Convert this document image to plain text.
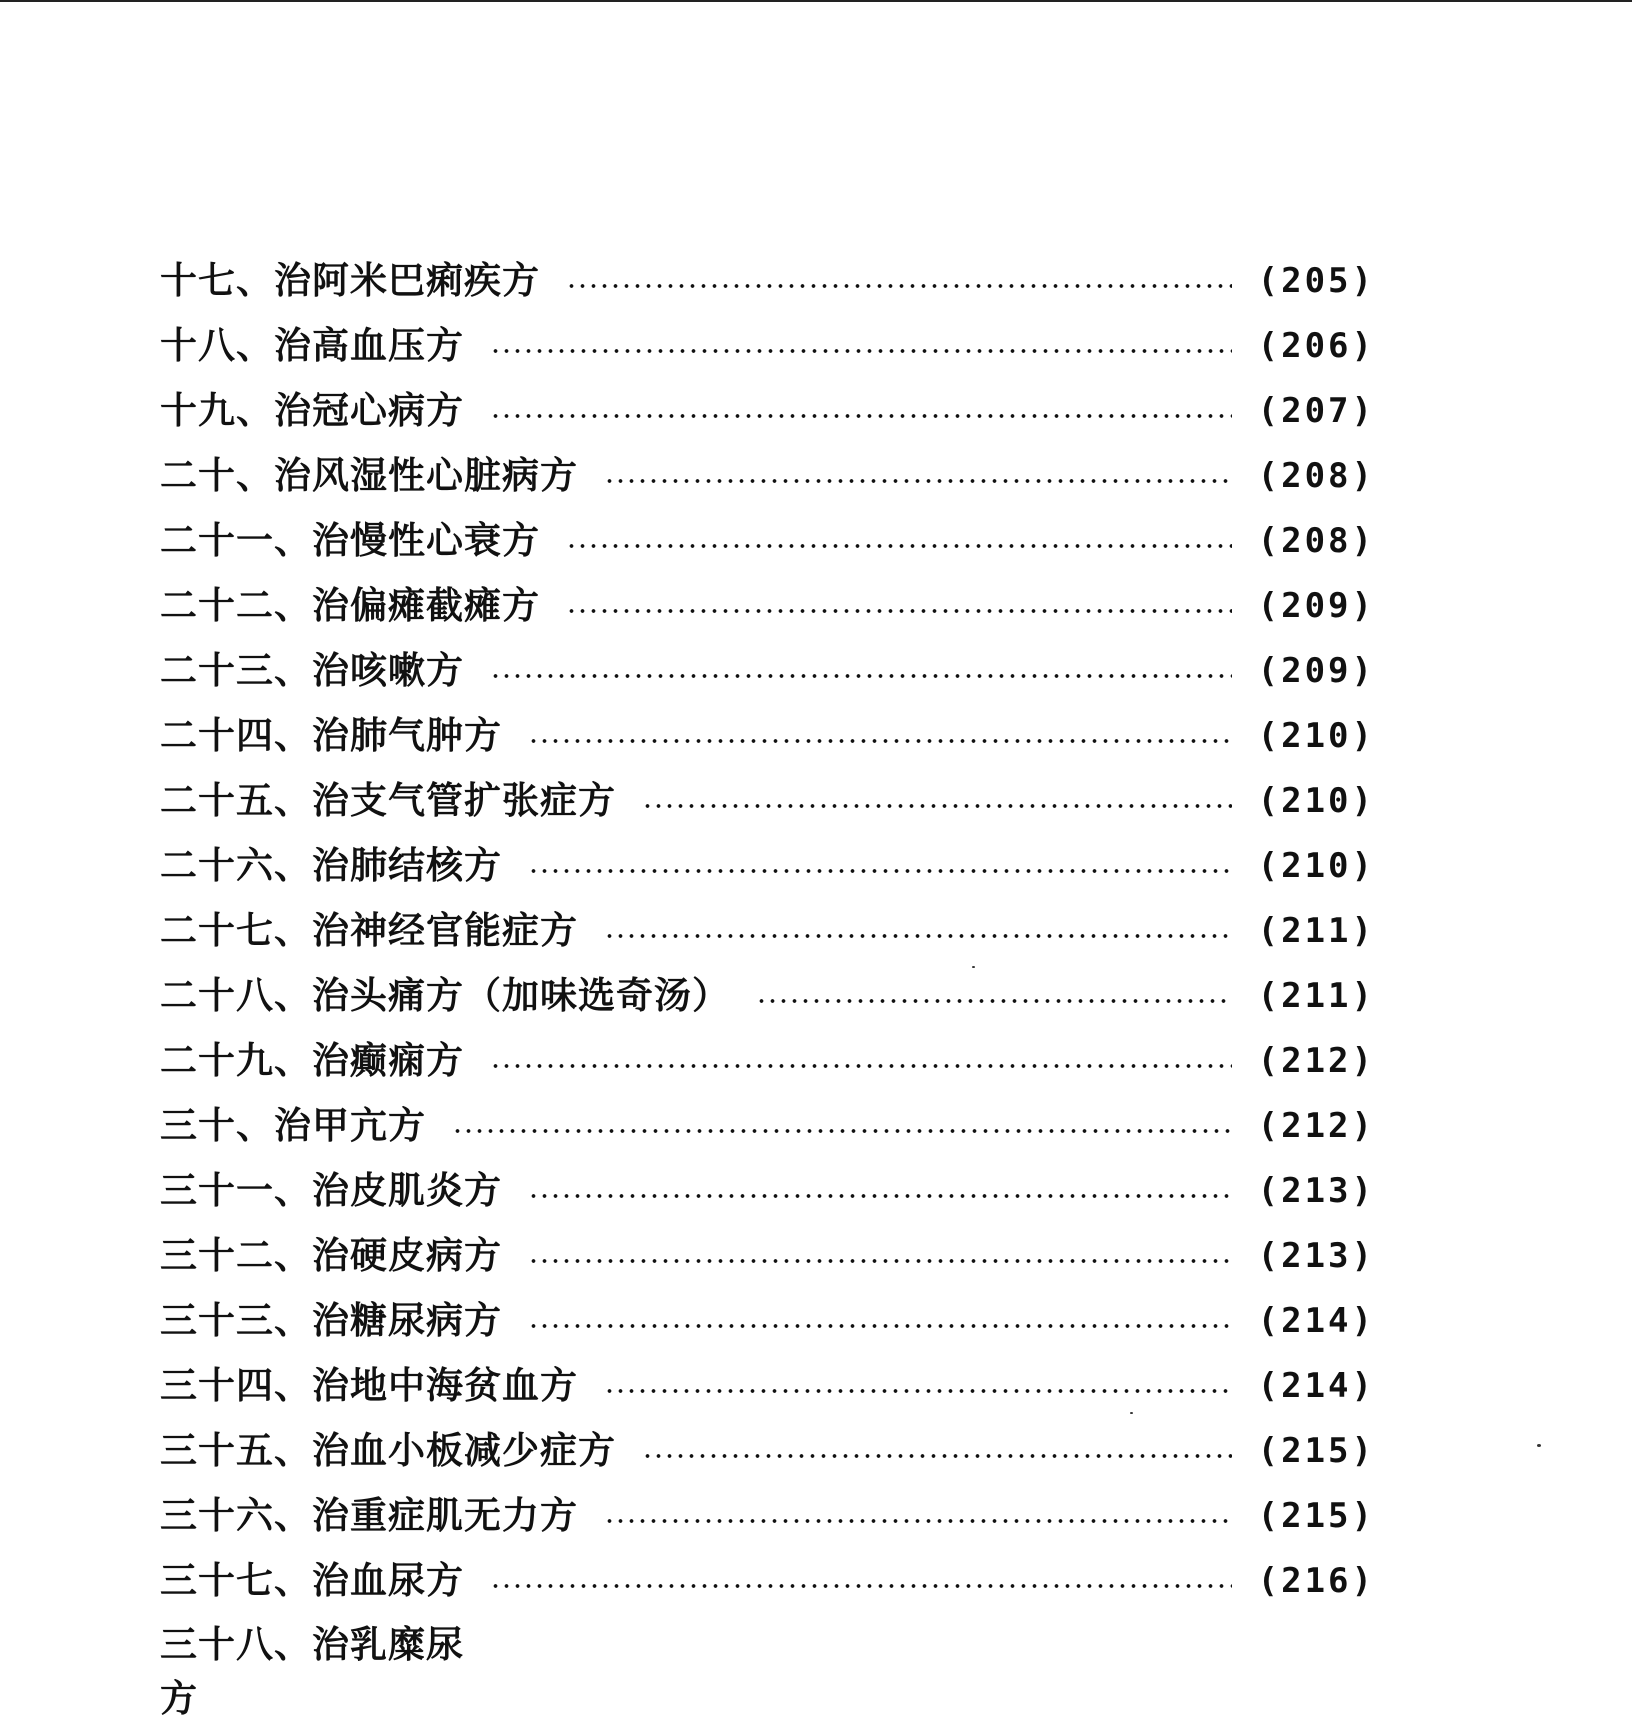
十七、治阿米巴痢疾方	(205)
十八、治高血压方	(206)
十九、治冠心病方	(207)
二十、治风湿性心脏病方	(208)
二十一、治慢性心衰方	(208)
二十二、治偏瘫截瘫方	(209)
二十三、治咳嗽方	(209)
二十四、治肺气肿方	(210)
二十五、治支气管扩张症方	(210)
二十六、治肺结核方	(210)
二十七、治神经官能症方	(211)
二十八、治头痛方（加味选奇汤）	(211)
二十九、治癫痫方	(212)
三十、治甲亢方	(212)
三十一、治皮肌炎方	(213)
三十二、治硬皮病方	(213)
三十三、治糖尿病方	(214)
三十四、治地中海贫血方	(214)
三十五、治血小板减少症方	(215)
三十六、治重症肌无力方	(215)
三十七、治血尿方	(216)
三十八、治乳糜尿方
